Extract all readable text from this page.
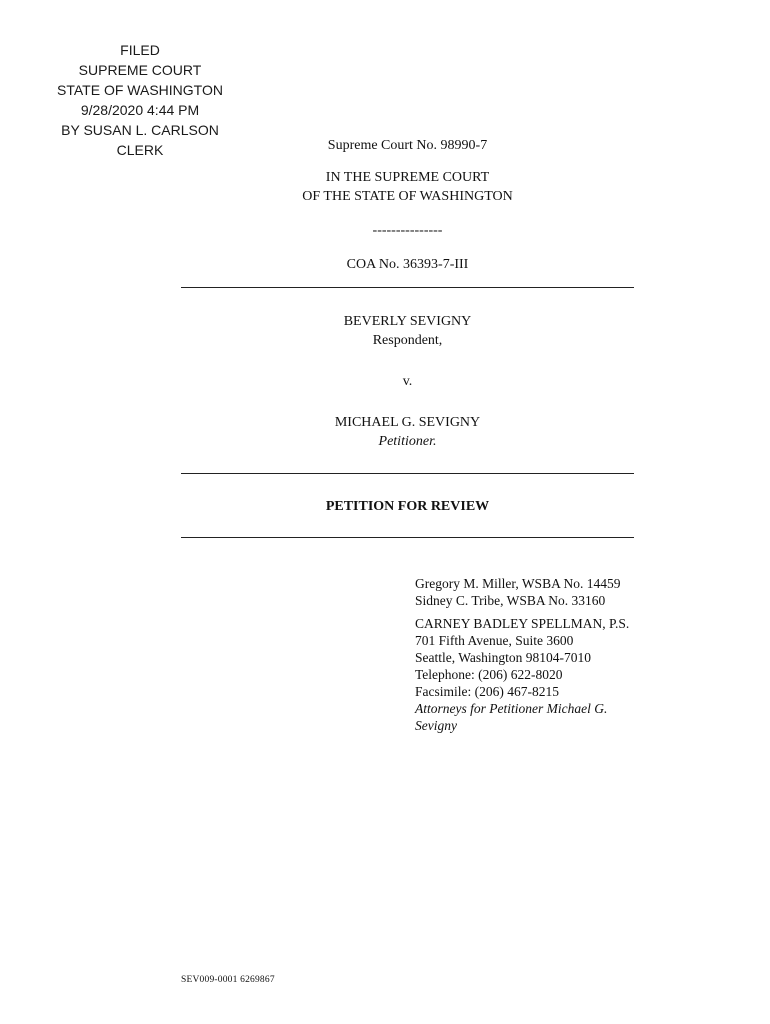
FILED
SUPREME COURT
STATE OF WASHINGTON
9/28/2020 4:44 PM
BY SUSAN L. CARLSON
CLERK	Supreme Court No. 98990-7
IN THE SUPREME COURT
OF THE STATE OF WASHINGTON
---------------
COA No. 36393-7-III
BEVERLY SEVIGNY
Respondent,
v.
MICHAEL G. SEVIGNY
Petitioner.
PETITION FOR REVIEW
Gregory M. Miller, WSBA No. 14459
Sidney C. Tribe, WSBA No. 33160
CARNEY BADLEY SPELLMAN, P.S.
701 Fifth Avenue, Suite 3600
Seattle, Washington 98104-7010
Telephone: (206) 622-8020
Facsimile: (206) 467-8215
Attorneys for Petitioner Michael G.
Sevigny
SEV009-0001 6269867
